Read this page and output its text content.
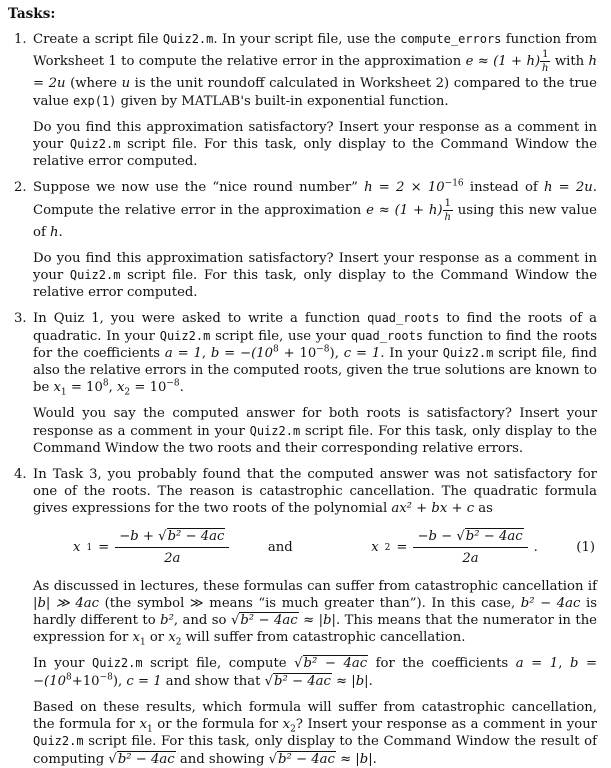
Tasks:
1. Create a script file Quiz2.m. In your script file, use the compute_errors function from Worksheet 1 to compute the relative error in the approximation $e \approx (1 + h) \frac{1}{h}$ with h = 2u (where u is the unit roundoff calculated in Worksheet 2) compared to the true value exp(1) given by MATLAB's built-in exponential function.

Do you find this approximation satisfactory? Insert your response as a comment in your Quiz2.m script file. For this task, only display to the Command Window the relative error computed.

2. Suppose we now use the “nice round number” $h = 2 \times 10^{-16}$ instead of h = 2u. Compute the relative error in the approximation $e \approx (1 + h) \frac{1}{h}$ using this new value of h.

Do you find this approximation satisfactory? Insert your response as a comment in your Quiz2.m script file. For this task, only display to the Command Window the relative error computed.

3. In Quiz 1, you were asked to write a function quad_roots to find the roots of a quadratic. In your Quiz2.m script file, use your quad_roots function to find the roots for the coefficients a = 1, $b = -(10^8 + 10^{-8})$, c = 1. In your Quiz2.m script file, find also the relative errors in the computed roots, given the true solutions are known to be $x_1 = 10^8$, $x_2 = 10^{-8}$.

Would you say the computed answer for both roots is satisfactory? Insert your response as a comment in your Quiz2.m script file. For this task, only display to the Command Window the two roots and their corresponding relative errors.

4. In Task 3, you probably found that the computed answer was not satisfactory for one of the roots. The reason is catastrophic cancellation. The quadratic formula gives expressions for the two roots of the polynomial ax² + bx + c as

x $1 = \frac{\text{−b + √b² − 4ac}}{2a}$	and	x $2 = \frac{\text{−b − √b² − 4ac}}{2a}$ .	(1)

As discussed in lectures, these formulas can suffer from catastrophic cancellation if |b| ≫ 4ac (the symbol ≫ means “is much greater than”). In this case, b² − 4ac is hardly different to b², and so √b² − 4ac ≈ |b|. This means that the numerator in the expression for $x_1$ or $x_2$ will suffer from catastrophic cancellation.

In your Quiz2.m script file, compute √b² − 4ac for the coefficients a = 1, $b = -(10^8+10^{-8})$, c = 1 and show that √b² − 4ac ≈ |b|.

Based on these results, which formula will suffer from catastrophic cancellation, the formula for $x_1$ or the formula for $x_2$? Insert your response as a comment in your Quiz2.m script file. For this task, only display to the Command Window the result of computing √b² − 4ac and showing √b² − 4ac ≈ |b|.
